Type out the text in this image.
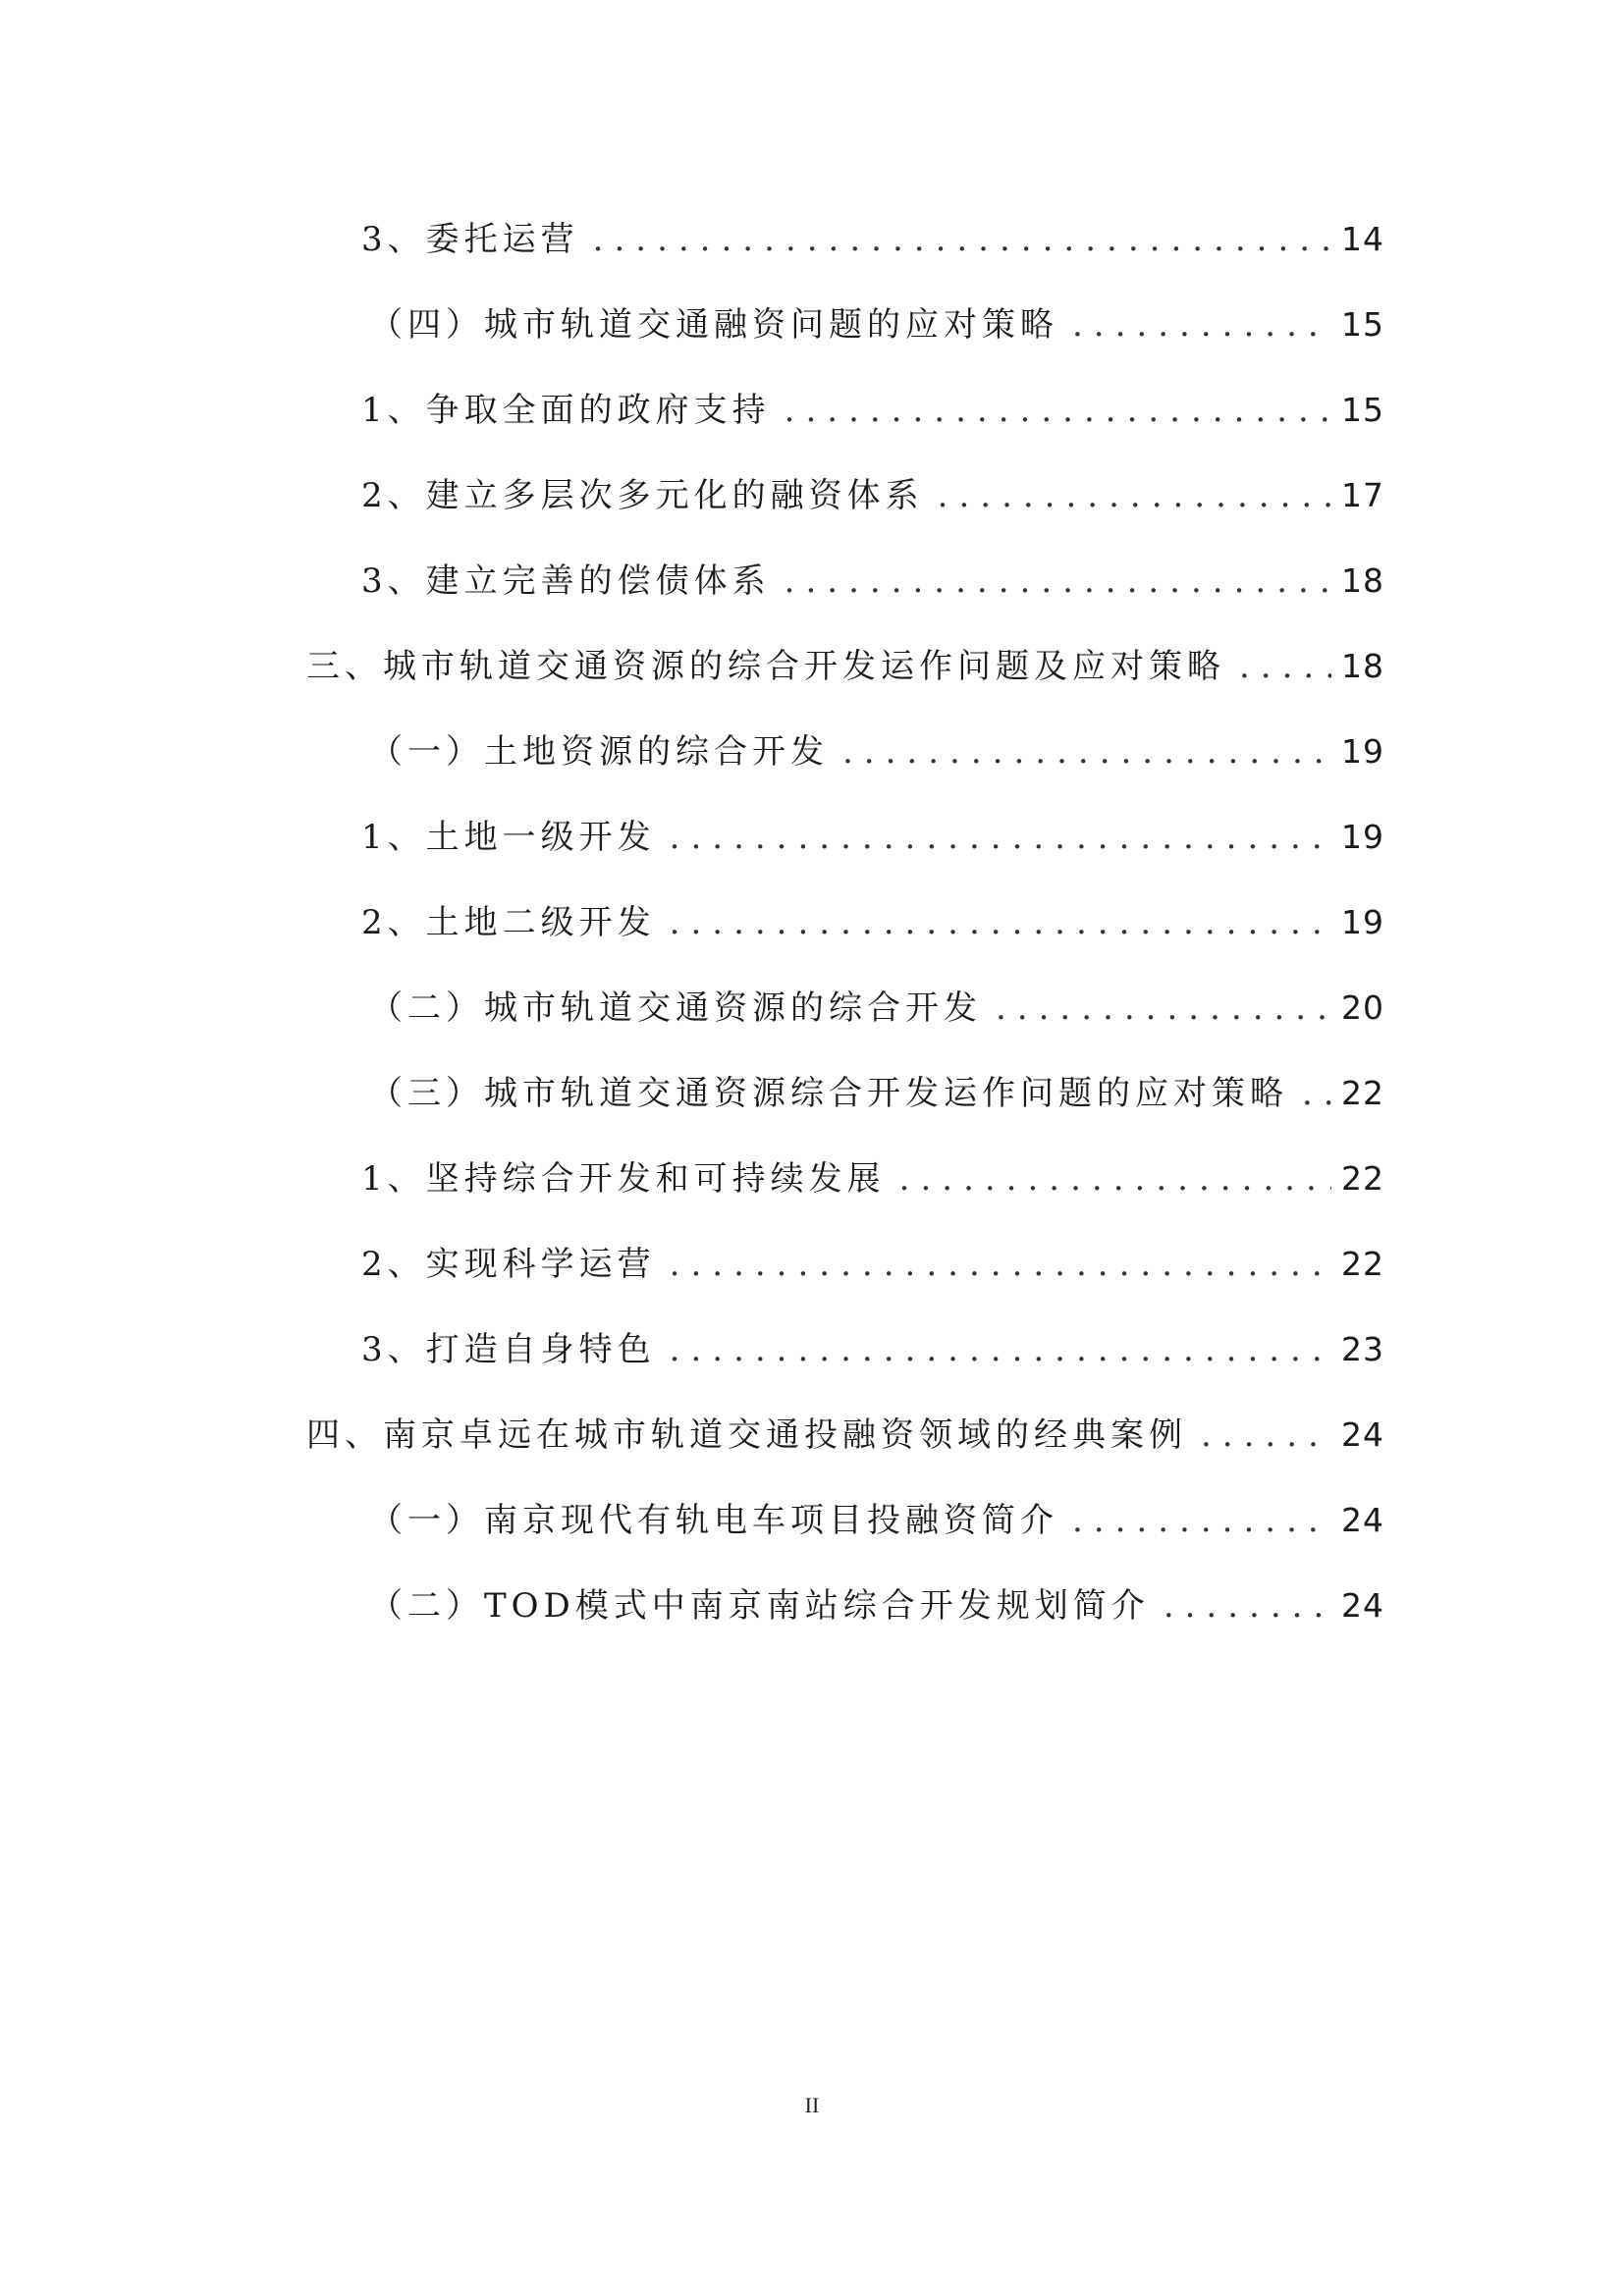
3、委托运营 .....	14
（四）城市轨道交通融资问题的应对策略 .....	15
1、争取全面的政府支持 .....	15
2、建立多层次多元化的融资体系 .....	17
3、建立完善的偿债体系 .....	18
三、城市轨道交通资源的综合开发运作问题及应对策略 .....	18
（一）土地资源的综合开发 .....	19
1、土地一级开发 .....	19
2、土地二级开发 .....	19
（二）城市轨道交通资源的综合开发 .....	20
（三）城市轨道交通资源综合开发运作问题的应对策略 ..... 22
1、坚持综合开发和可持续发展 .....	22
2、实现科学运营 .....	22
3、打造自身特色 .....	23
四、南京卓远在城市轨道交通投融资领域的经典案例 .....	24
（一）南京现代有轨电车项目投融资简介 .....	24
（二）TOD模式中南京南站综合开发规划简介 .....	24
II
